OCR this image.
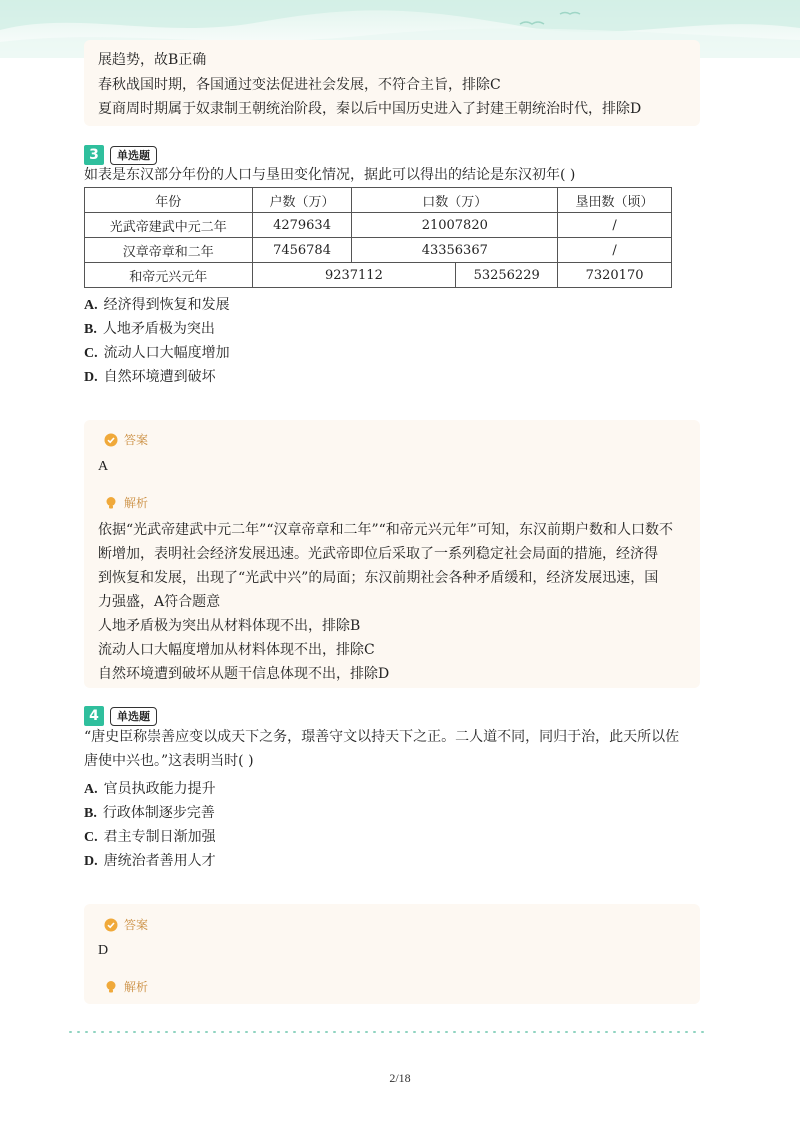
展趋势，故B正确
春秋战国时期，各国通过变法促进社会发展，不符合主旨，排除C
夏商周时期属于奴隶制王朝统治阶段，秦以后中国历史进入了封建王朝统治时代，排除D
3	单选题
如表是东汉部分年份的人口与垦田变化情况，据此可以得出的结论是东汉初年( )
年份	户数（万）	口数（万）		垦田数（顷）
光武帝建武中元二年	4279634	21007820		/
汉章帝章和二年	7456784	43356367		/
和帝元兴元年	9237112		53256229	7320170
A. 经济得到恢复和发展
B. 人地矛盾极为突出
C. 流动人口大幅度增加
D. 自然环境遭到破坏
答案
A
解析
依据“光武帝建武中元二年”“汉章帝章和二年”“和帝元兴元年”可知，东汉前期户数和人口数不
断增加，表明社会经济发展迅速。光武帝即位后采取了一系列稳定社会局面的措施，经济得
到恢复和发展，出现了“光武中兴”的局面；东汉前期社会各种矛盾缓和，经济发展迅速，国
力强盛，A符合题意
人地矛盾极为突出从材料体现不出，排除B
流动人口大幅度增加从材料体现不出，排除C
自然环境遭到破坏从题干信息体现不出，排除D
4	单选题
“唐史臣称崇善应变以成天下之务，璟善守文以持天下之正。二人道不同，同归于治，此天所以佐
唐使中兴也。”这表明当时( )
A. 官员执政能力提升
B. 行政体制逐步完善
C. 君主专制日渐加强
D. 唐统治者善用人才
答案
D
解析
2/18
